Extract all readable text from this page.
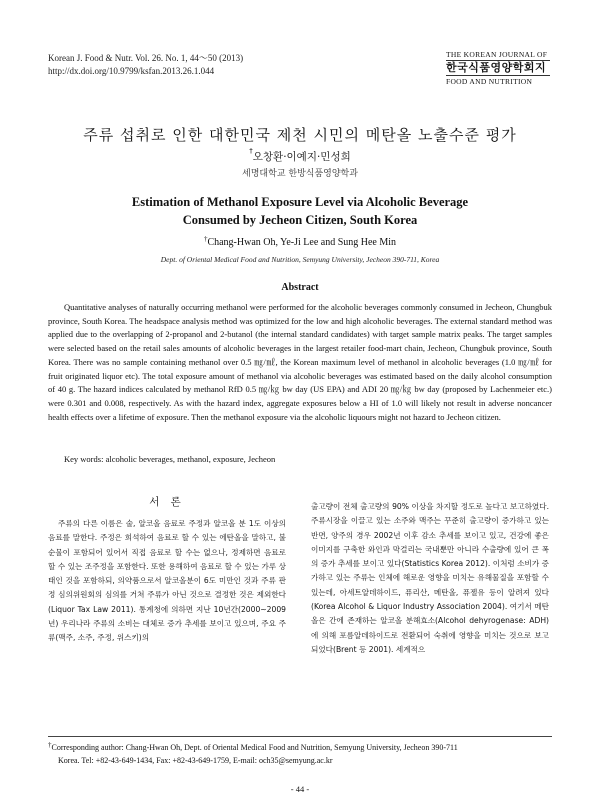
Korean J. Food & Nutr. Vol. 26. No. 1, 44～50 (2013)
http://dx.doi.org/10.9799/ksfan.2013.26.1.044
THE KOREAN JOURNAL OF
한국식품영양학회지
FOOD AND NUTRITION
주류 섭취로 인한 대한민국 제천 시민의 메탄올 노출수준 평가
†오창환·이예지·민성희
세명대학교 한방식품영양학과
Estimation of Methanol Exposure Level via Alcoholic Beverage
Consumed by Jecheon Citizen, South Korea
†Chang-Hwan Oh, Ye-Ji Lee and Sung Hee Min
Dept. of Oriental Medical Food and Nutrition, Semyung University, Jecheon 390-711, Korea
Abstract

Quantitative analyses of naturally occurring methanol were performed for the alcoholic beverages commonly consumed in Jecheon, Chungbuk province, South Korea. The headspace analysis method was optimized for the low and high alcoholic beverages. The external standard method was applied due to the overlapping of 2-propanol and 2-butanol (the internal standard candidates) with target sample matrix peaks. The target samples were selected based on the retail sales amounts of alcoholic beverages in the largest retailer food-mart chain, Jecheon, Chungbuk province, South Korea. There was no sample containing methanol over 0.5 ㎎/㎖, the Korean maximum level of methanol in alcoholic beverages (1.0 ㎎/㎖ for fruit originated liquor etc). The total exposure amount of methanol via alcoholic beverages was estimated based on the daily alcohol consumption of 40 g. The hazard indices calculated by methanol RfD 0.5 ㎎/㎏ bw day (US EPA) and ADI 20 ㎎/㎏ bw day (proposed by Lachenmeier etc.) were 0.301 and 0.008, respectively. As with the hazard index, aggregate exposures below a HI of 1.0 will likely not result in adverse noncancer health effects over a lifetime of exposure. Then the methanol exposure via the alcoholic liquours might not hazard to Jecheon citizen.

Key words: alcoholic beverages, methanol, exposure, Jecheon

서 론

주류의 다른 이름은 술, 알코올 음료로 주정과 알코올 분 1도 이상의 음료를 말한다. 주정은 희석하여 음료로 할 수 있는 에탄올을 말하고, 불순물이 포함되어 있어서 직접 음료로 할 수는 없으나, 정제하면 음료로 할 수 있는 조주정을 포함한다. 또한 용해하여 음료로 할 수 있는 가루 상태인 것을 포함하되, 의약품으로서 알코올분이 6도 미만인 것과 주류 판정 심의위원회의 심의를 거쳐 주류가 아닌 것으로 결정한 것은 제외한다(Liquor Tax Law 2011). 통계청에 의하면 지난 10년간(2000~2009년) 우리나라 주류의 소비는 대체로 증가 추세를 보이고 있으며, 주요 주류(맥주, 소주, 주정, 위스키)의

출고량이 전체 출고량의 90% 이상을 차지할 정도로 높다고 보고하였다. 주류시장을 이끌고 있는 소주와 맥주는 꾸준히 출고량이 증가하고 있는 반면, 양주의 경우 2002년 이후 감소 추세를 보이고 있고, 건강에 좋은 이미지를 구축한 와인과 막걸리는 국내뿐만 아니라 수출량에 있어 큰 폭의 증가 추세를 보이고 있다(Statistics Korea 2012). 이처럼 소비가 증가하고 있는 주류는 인체에 해로운 영향을 미치는 유해물질을 포함할 수 있는데, 아세트알데하이드, 퓨리산, 메탄올, 퓨젤유 등이 알려져 있다(Korea Alcohol & Liquor Industry Association 2004). 여기서 메탄올은 간에 존재하는 알코올 분해효소(Alcohol dehyrogenase: ADH)에 의해 포름알데하이드로 전환되어 숙취에 영향을 미치는 것으로 보고되었다(Brent 등 2001). 세계적으

†Corresponding author: Chang-Hwan Oh, Dept. of Oriental Medical Food and Nutrition, Semyung University, Jecheon 390-711
Korea. Tel: +82-43-649-1434, Fax: +82-43-649-1759, E-mail: och35@semyung.ac.kr

- 44 -
